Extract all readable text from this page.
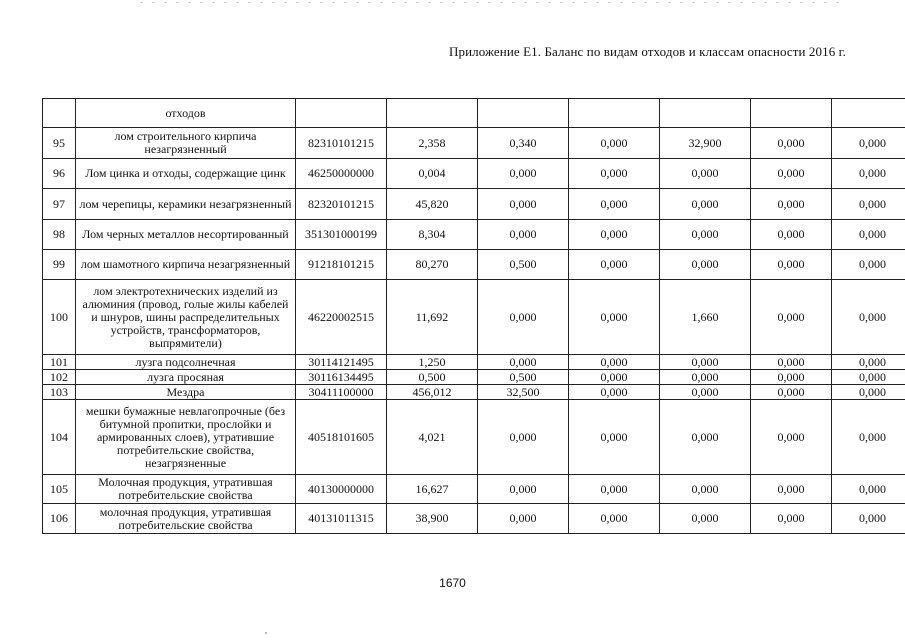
Приложение Е1. Баланс по видам отходов и классам опасности 2016 г.
	отходов							
95	лом строительного кирпича незагрязненный	82310101215	2,358	0,340	0,000	32,900	0,000	0,000
96	Лом цинка и отходы, содержащие цинк	46250000000	0,004	0,000	0,000	0,000	0,000	0,000
97	лом черепицы, керамики незагрязненный	82320101215	45,820	0,000	0,000	0,000	0,000	0,000
98	Лом черных металлов несортированный	351301000199	8,304	0,000	0,000	0,000	0,000	0,000
99	лом шамотного кирпича незагрязненный	91218101215	80,270	0,500	0,000	0,000	0,000	0,000
100	лом электротехнических изделий из алюминия (провод, голые жилы кабелей и шнуров, шины распределительных устройств, трансформаторов, выпрямители)	46220002515	11,692	0,000	0,000	1,660	0,000	0,000
101	лузга подсолнечная	30114121495	1,250	0,000	0,000	0,000	0,000	0,000
102	лузга просяная	30116134495	0,500	0,500	0,000	0,000	0,000	0,000
103	Мездра	30411100000	456,012	32,500	0,000	0,000	0,000	0,000
104	мешки бумажные невлагопрочные (без битумной пропитки, прослойки и армированных слоев), утратившие потребительские свойства, незагрязненные	40518101605	4,021	0,000	0,000	0,000	0,000	0,000
105	Молочная продукция, утратившая потребительские свойства	40130000000	16,627	0,000	0,000	0,000	0,000	0,000
106	молочная продукция, утратившая потребительские свойства	40131011315	38,900	0,000	0,000	0,000	0,000	0,000
1670
